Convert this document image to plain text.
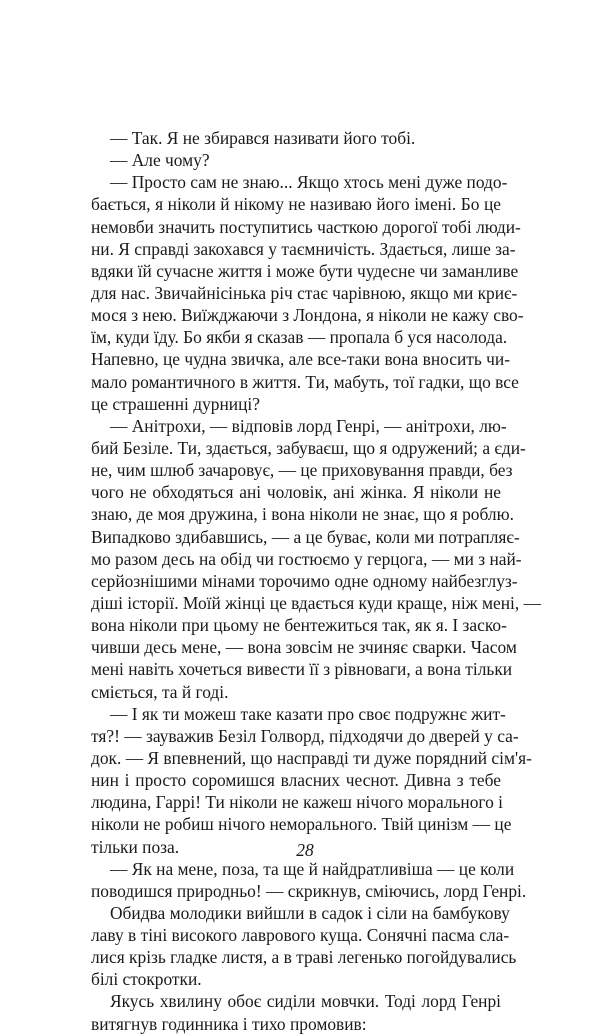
— Так. Я не збирався називати його тобі.
— Але чому?
— Просто сам не знаю... Якщо хтось мені дуже подо-
бається, я ніколи й нікому не називаю його імені. Бо це
немовби значить поступитись часткою дорогої тобі люди-
ни. Я справді закохався у таємничість. Здається, лише за-
вдяки їй сучасне життя і може бути чудесне чи заманливе
для нас. Звичайнісінька річ стає чарівною, якщо ми криє-
мося з нею. Виїжджаючи з Лондона, я ніколи не кажу сво-
їм, куди їду. Бо якби я сказав — пропала б уся насолода.
Напевно, це чудна звичка, але все-таки вона вносить чи-
мало романтичного в життя. Ти, мабуть, тої гадки, що все
це страшенні дурниці?
— Анітрохи, — відповів лорд Генрі, — анітрохи, лю-
бий Безіле. Ти, здається, забуваєш, що я одружений; а єди-
не, чим шлюб зачаровує, — це приховування правди, без
чого не обходяться ані чоловік, ані жінка. Я ніколи не
знаю, де моя дружина, і вона ніколи не знає, що я роблю.
Випадково здибавшись, — а це буває, коли ми потрапляє-
мо разом десь на обід чи гостюємо у герцога, — ми з най-
серйознішими мінами торочимо одне одному найбезглуз-
діші історії. Моїй жінці це вдається куди краще, ніж мені, —
вона ніколи при цьому не бентежиться так, як я. І заско-
чивши десь мене, — вона зовсім не зчиняє сварки. Часом
мені навіть хочеться вивести її з рівноваги, а вона тільки
сміється, та й годі.
— І як ти можеш таке казати про своє подружнє жит-
тя?! — зауважив Безіл Голворд, підходячи до дверей у са-
док. — Я впевнений, що насправді ти дуже порядний сім'я-
нин і просто соромишся власних чеснот. Дивна з тебе
людина, Гаррі! Ти ніколи не кажеш нічого морального і
ніколи не робиш нічого неморального. Твій цинізм — це
тільки поза.
— Як на мене, поза, та ще й найдратливіша — це коли
поводишся природньо! — скрикнув, сміючись, лорд Генрі.
Обидва молодики вийшли в садок і сіли на бамбукову
лаву в тіні високого лаврового куща. Сонячні пасма сла-
лися крізь гладке листя, а в траві легенько погойдувались
білі стокротки.
Якусь хвилину обоє сиділи мовчки. Тоді лорд Генрі
витягнув годинника і тихо промовив:
28
